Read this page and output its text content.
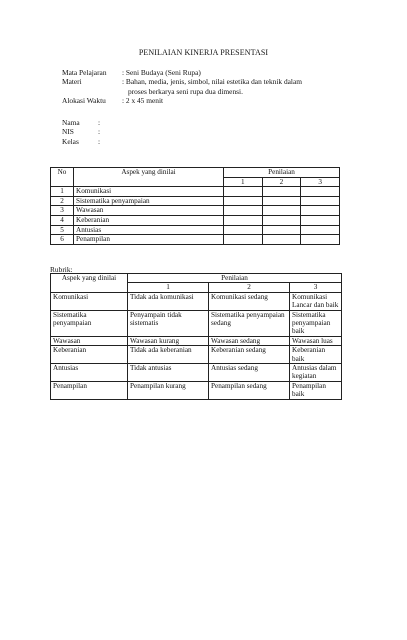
PENILAIAN KINERJA PRESENTASI
Mata Pelajaran	: Seni Budaya (Seni Rupa)
Materi	: Bahan, media, jenis, simbol, nilai estetika dan teknik dalam
proses berkarya seni rupa dua dimensi.
Alokasi Waktu	: 2 x 45 menit
Nama	:
NIS	:
Kelas	:
No	Aspek yang dinilai	Penilaian		
		1	2	3
1	Komunikasi			
2	Sistematika penyampaian			
3	Wawasan			
4	Keberanian			
5	Antusias			
6	Penampilan			
Rubrik:
Aspek yang dinilai	Penilaian		
	1	2	3
Komunikasi	Tidak ada komunikasi	Komunikasi sedang	Komunikasi Lancar dan baik
Sistematika penyampaian	Penyampain tidak sistematis	Sistematika penyampaian sedang	Sistematika penyampaian baik
Wawasan	Wawasan kurang	Wawasan sedang	Wawasan luas
Keberanian	Tidak ada keberanian	Keberanian sedang	Keberanian baik
Antusias	Tidak antusias	Antusias sedang	Antusias dalam kegiatan
Penampilan	Penampilan kurang	Penampilan sedang	Penampilan baik
